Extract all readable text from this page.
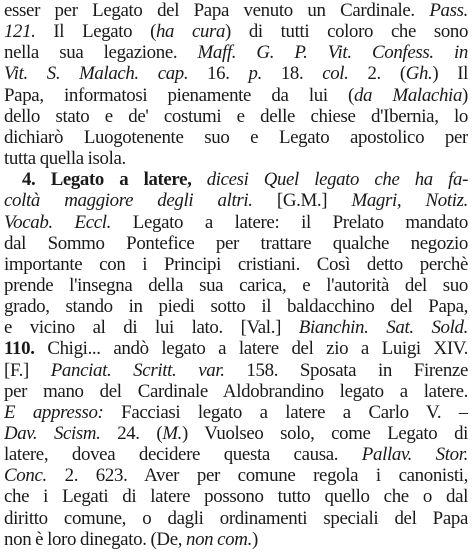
esser per Legato del Papa venuto un Cardinale. Pass.
121. Il Legato (ha cura) di tutti coloro che sono
nella sua legazione. Maff. G. P. Vit. Confess. in
Vit. S. Malach. cap. 16. p. 18. col. 2. (Gh.) Il
Papa, informatosi pienamente da lui (da Malachia)
dello stato e de' costumi e delle chiese d'Ibernia, lo
dichiarò Luogotenente suo e Legato apostolico per
tutta quella isola.
4. Legato a latere, dicesi Quel legato che ha fa-
coltà maggiore degli altri. [G.M.] Magri, Notiz.
Vocab. Eccl. Legato a latere: il Prelato mandato
dal Sommo Pontefice per trattare qualche negozio
importante con i Principi cristiani. Così detto perchè
prende l'insegna della sua carica, e l'autorità del suo
grado, stando in piedi sotto il baldacchino del Papa,
e vicino al di lui lato. [Val.] Bianchin. Sat. Sold.
110. Chigi... andò legato a latere del zio a Luigi XIV.
[F.] Panciat. Scritt. var. 158. Sposata in Firenze
per mano del Cardinale Aldobrandino legato a latere.
E appresso: Facciasi legato a latere a Carlo V. –
Dav. Scism. 24. (M.) Vuolseo solo, come Legato di
latere, dovea decidere questa causa. Pallav. Stor.
Conc. 2. 623. Aver per comune regola i canonisti,
che i Legati di latere possono tutto quello che o dal
diritto comune, o dagli ordinamenti speciali del Papa
non è loro dinegato. (De, non com.)
